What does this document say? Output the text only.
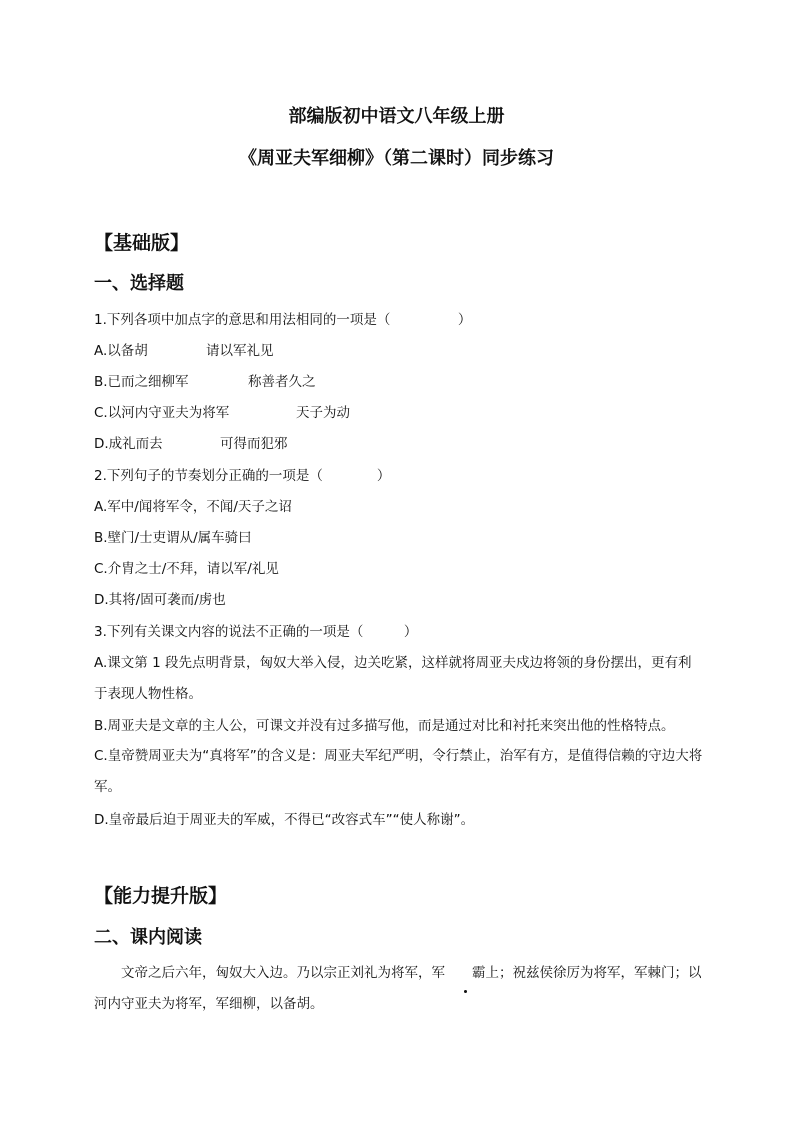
部编版初中语文八年级上册
《周亚夫军细柳》（第二课时）同步练习
【基础版】
一、选择题
1.下列各项中加点字的意思和用法相同的一项是（　　　　　）
A.以备胡	请以军礼见
B.已而之细柳军	称善者久之
C.以河内守亚夫为将军	天子为动
D.成礼而去	可得而犯邪
2.下列句子的节奏划分正确的一项是（　　　　）
A.军中/闻将军令，不闻/天子之诏
B.壁门/士吏谓从/属车骑曰
C.介胄之士/不拜，请以军/礼见
D.其将/固可袭而/虏也
3.下列有关课文内容的说法不正确的一项是（　　　）
A.课文第 1 段先点明背景，匈奴大举入侵，边关吃紧，这样就将周亚夫戍边将领的身份摆出，更有利于表现人物性格。
B.周亚夫是文章的主人公，可课文并没有过多描写他，而是通过对比和衬托来突出他的性格特点。
C.皇帝赞周亚夫为“真将军”的含义是：周亚夫军纪严明，令行禁止，治军有方，是值得信赖的守边大将军。
D.皇帝最后迫于周亚夫的军威，不得已“改容式车”“使人称谢”。
【能力提升版】
二、课内阅读
文帝之后六年，匈奴大入边。乃以宗正刘礼为将军，军 霸上；祝兹侯徐厉为将军，军棘门；以河内守亚夫为将军，军细柳，以备胡。
